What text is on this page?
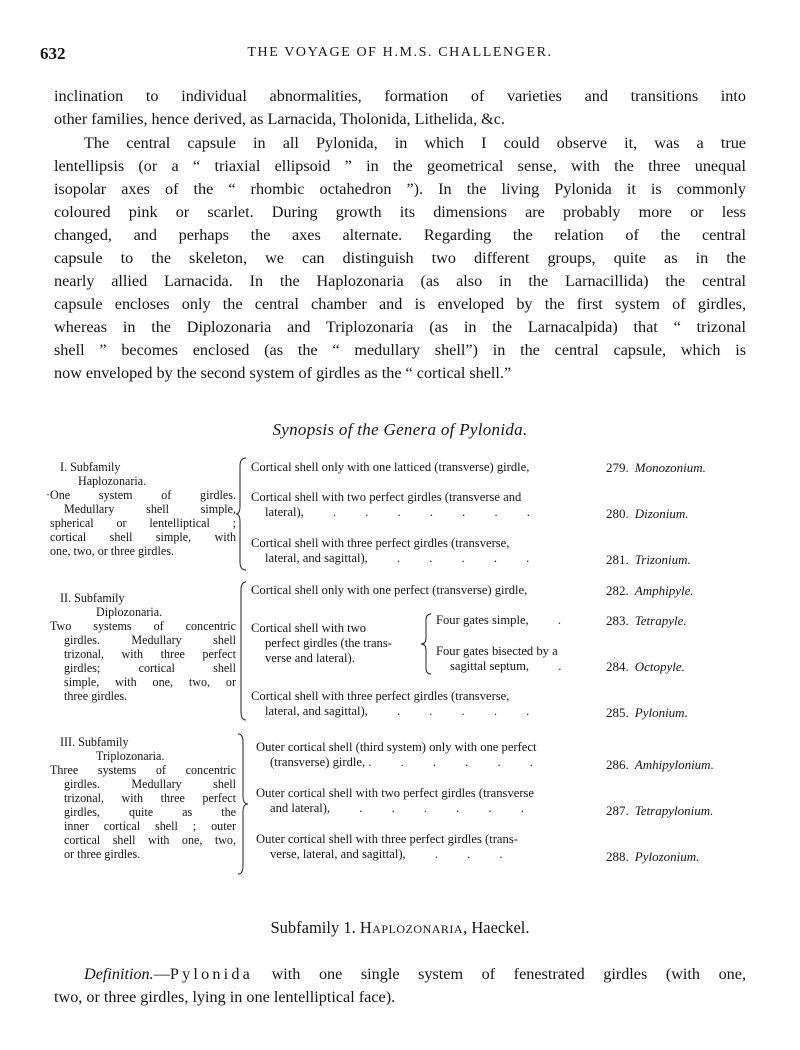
632	THE VOYAGE OF H.M.S. CHALLENGER.
inclination to individual abnormalities, formation of varieties and transitions into
other families, hence derived, as Larnacida, Tholonida, Lithelida, &c.
The central capsule in all Pylonida, in which I could observe it, was a true
lentellipsis (or a “ triaxial ellipsoid ” in the geometrical sense, with the three unequal
isopolar axes of the “ rhombic octahedron ”). In the living Pylonida it is commonly
coloured pink or scarlet. During growth its dimensions are probably more or less
changed, and perhaps the axes alternate. Regarding the relation of the central
capsule to the skeleton, we can distinguish two different groups, quite as in the
nearly allied Larnacida. In the Haplozonaria (as also in the Larnacillida) the central
capsule encloses only the central chamber and is enveloped by the first system of girdles,
whereas in the Diplozonaria and Triplozonaria (as in the Larnacalpida) that “ trizonal
shell ” becomes enclosed (as the “ medullary shell”) in the central capsule, which is
now enveloped by the second system of girdles as the “ cortical shell.”
Synopsis of the Genera of Pylonida.
I. Subfamily
Haplozonaria.
·One system of girdles.
Medullary shell simple,
spherical or lentelliptical ;
cortical shell simple, with
one, two, or three girdles.
Cortical shell only with one latticed (transverse) girdle,	279. Monozonium.
Cortical shell with two perfect girdles (transverse and
lateral), . . . . . . .	280. Dizonium.
Cortical shell with three perfect girdles (transverse,
lateral, and sagittal), . . . . .	281. Trizonium.
II. Subfamily
Diplozonaria.
Two systems of concentric
girdles. Medullary shell
trizonal, with three perfect
girdles; cortical shell
simple, with one, two, or
three girdles.
Cortical shell only with one perfect (transverse) girdle,	282. Amphipyle.
Cortical shell with two
perfect girdles (the trans-
verse and lateral).
Four gates simple, .	283. Tetrapyle.
Four gates bisected by a
sagittal septum, .	284. Octopyle.
Cortical shell with three perfect girdles (transverse,
lateral, and sagittal), . . . . .	285. Pylonium.
III. Subfamily
Triplozonaria.
Three systems of concentric
girdles. Medullary shell
trizonal, with three perfect
girdles, quite as the
inner cortical shell ; outer
cortical shell with one, two,
or three girdles.
Outer cortical shell (third system) only with one perfect
(transverse) girdle, . . . . . .	286. Amhipylonium.
Outer cortical shell with two perfect girdles (transverse
and lateral), . . . . . .	287. Tetrapylonium.
Outer cortical shell with three perfect girdles (trans-
verse, lateral, and sagittal), . . .	288. Pylozonium.
Subfamily 1. Haplozonaria, Haeckel.
Definition.—Pylonida with one single system of fenestrated girdles (with one,
two, or three girdles, lying in one lentelliptical face).
